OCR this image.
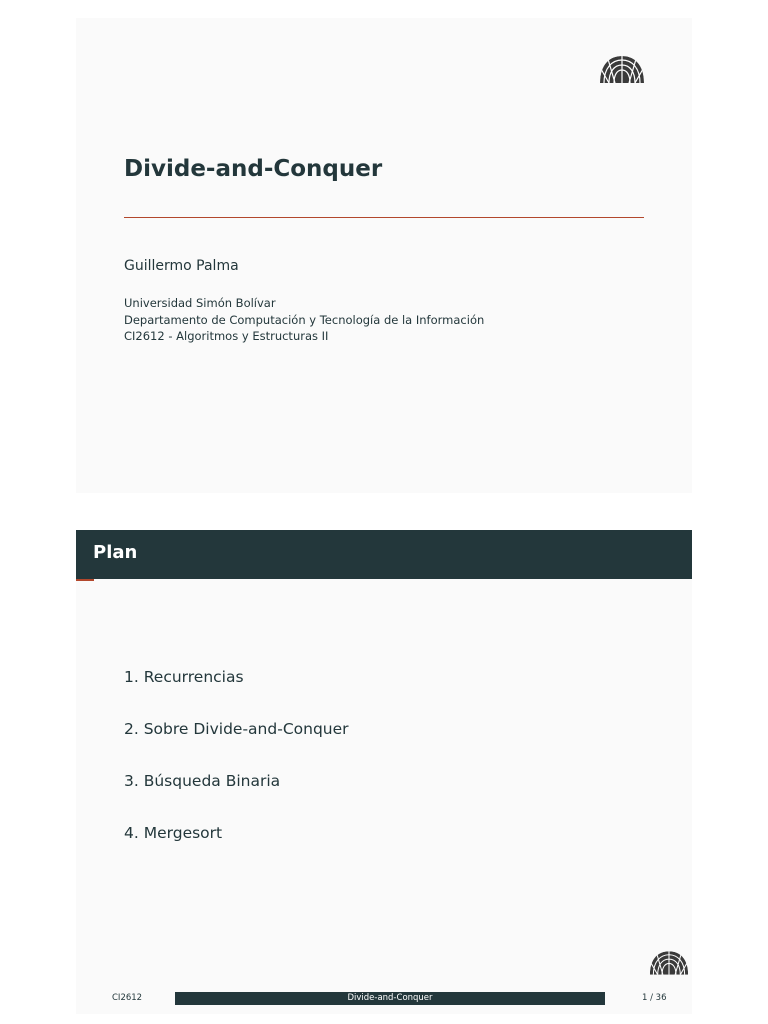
Divide-and-Conquer
Guillermo Palma
Universidad Simón Bolívar
Departamento de Computación y Tecnología de la Información
CI2612 - Algoritmos y Estructuras II
Plan
1. Recurrencias
2. Sobre Divide-and-Conquer
3. Búsqueda Binaria
4. Mergesort
CI2612	Divide-and-Conquer	1 / 36
